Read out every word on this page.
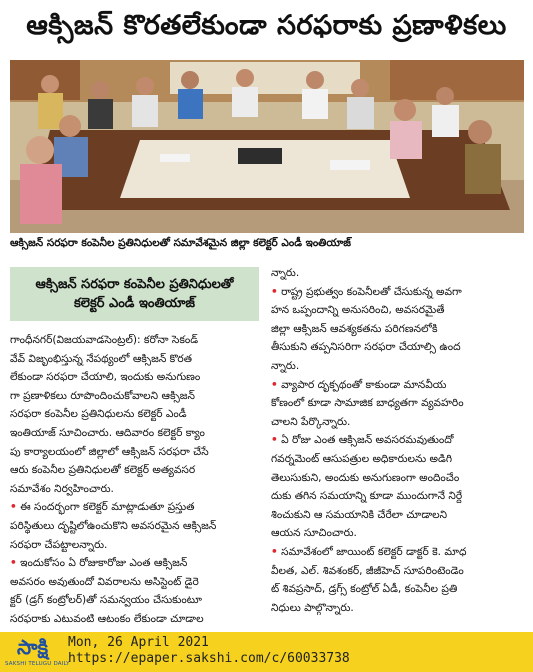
ఆక్సిజన్ కొరతలేకుండా సరఫరాకు ప్రణాళికలు
ఆక్సిజన్ సరఫరా కంపెనీల ప్రతినిధులతో సమావేశమైన జిల్లా కలెక్టర్ ఎండీ ఇంతియాజ్
ఆక్సిజన్ సరఫరా కంపెనీల ప్రతినిధులతో
కలెక్టర్ ఎండీ ఇంతియాజ్
గాంధీనగర్(విజయవాడసెంట్రల్): కరోనా సెకండ్
వేవ్ విజృంభిస్తున్న నేపథ్యంలో ఆక్సిజన్ కొరత
లేకుండా సరఫరా చేయాలి, ఇందుకు అనుగుణం
గా ప్రణాళికలు రూపొందించుకోవాలని ఆక్సిజన్
సరఫరా కంపెనీల ప్రతినిధులను కలెక్టర్ ఎండీ
ఇంతియాజ్ సూచించారు. ఆదివారం కలెక్టర్ క్యాం
పు కార్యాలయంలో జిల్లాలో ఆక్సిజన్ సరఫరా చేసే
ఆరు కంపెనీల ప్రతినిధులతో కలెక్టర్ అత్యవసర
సమావేశం నిర్వహించారు.
• ఈ సందర్భంగా కలెక్టర్ మాట్లాడుతూ ప్రస్తుత
పరిస్థితులు దృష్టిలోఉంచుకొని అవసరమైన ఆక్సిజన్
సరఫరా చేపట్టాలన్నారు.
• ఇందుకోసం ఏ రోజుకారోజు ఎంత ఆక్సిజన్
అవసరం అవుతుందో వివరాలను అసిస్టెంట్ డైరె
క్టర్ (డ్రగ్ కంట్రోలర్)తో సమన్వయం చేసుకుంటూ
సరఫరాకు ఎటువంటి ఆటంకం లేకుండా చూడాల
న్నారు.
• రాష్ట్ర ప్రభుత్వం కంపెనీలతో చేసుకున్న అవగా
హన ఒప్పందాన్ని అనుసరించి, అవసరమైతే
జిల్లా ఆక్సిజన్ ఆవశ్యకతను పరిగణనలోకి
తీసుకుని తప్పనిసరిగా సరఫరా చేయాల్సి ఉంద
న్నారు.
• వ్యాపార దృక్పథంతో కాకుండా మానవీయ
కోణంలో కూడా సామాజిక బాధ్యతగా వ్యవహరిం
చాలని పేర్కొన్నారు.
• ఏ రోజు ఎంత ఆక్సిజన్ అవసరమవుతుందో
గవర్నమెంట్ ఆసుపత్రుల అధికారులను అడిగి
తెలుసుకుని, అందుకు అనుగుణంగా అందించేం
దుకు తగిన సమయాన్ని కూడా ముందుగానే నిర్దే
శించుకుని ఆ సమయానికి చేరేలా చూడాలని
ఆయన సూచించారు.
• సమావేశంలో జాయింట్ కలెక్టర్ డాక్టర్ కె. మాధ
వీలత, ఎల్. శివశంకర్, జీజీహెచ్ సూపరింటెండెం
ట్ శివప్రసాద్, డ్రగ్స్ కంట్రోల్ ఏడీ, కంపెనీల ప్రతి
నిధులు పాల్గొన్నారు.
సాక్షి
SAKSHI TELUGU DAILY
Mon, 26 April 2021
https://epaper.sakshi.com/c/60033738
